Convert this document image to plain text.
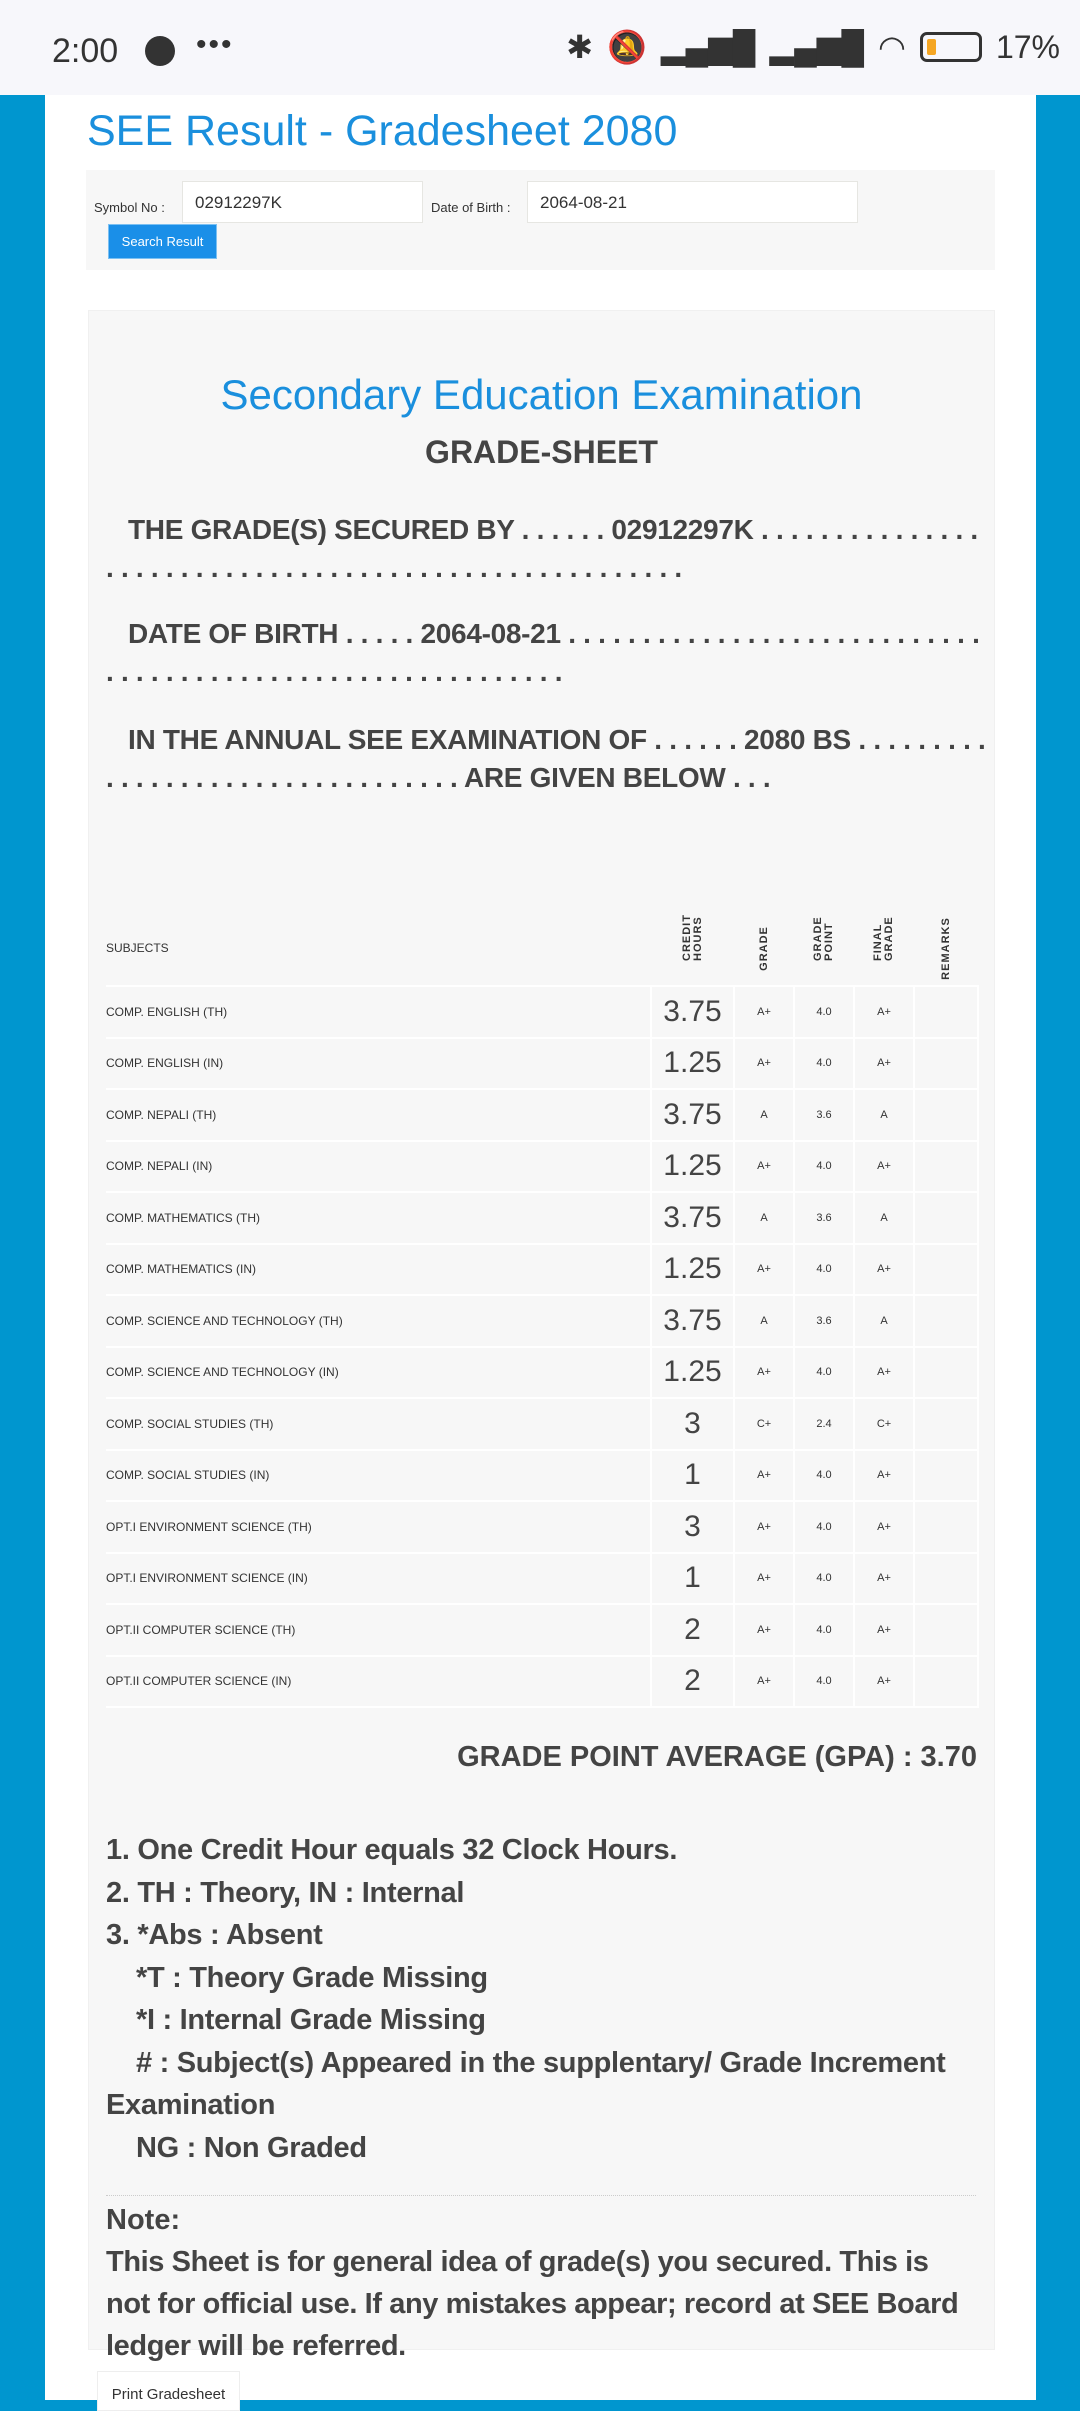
2:00	•••	✱ 🔕 ▂▄▆█ ▂▄▆█ ◠	17%
SEE Result - Gradesheet 2080
Symbol No :	02912297K	Date of Birth :	2064-08-21
Search Result
Secondary Education Examination
GRADE-SHEET
THE GRADE(S) SECURED BY . . . . . . 02912297K . . . . . . . . . . . . . . . . . . . . . . . . . . . . . . . . . . . . . . . . . . . . . . . . . . . . . .
DATE OF BIRTH . . . . . 2064-08-21 . . . . . . . . . . . . . . . . . . . . . . . . . . . . . . . . . . . . . . . . . . . . . . . . . . . . . . . . . . .
IN THE ANNUAL SEE EXAMINATION OF . . . . . . 2080 BS . . . . . . . . . . . . . . . . . . . . . . . . . . . . . . . . . ARE GIVEN BELOW . . .
SUBJECTS	CREDIT HOURS	GRADE	GRADE POINT	FINAL GRADE	REMARKS
COMP. ENGLISH (TH)	3.75	A+	4.0	A+	
COMP. ENGLISH (IN)	1.25	A+	4.0	A+	
COMP. NEPALI (TH)	3.75	A	3.6	A	
COMP. NEPALI (IN)	1.25	A+	4.0	A+	
COMP. MATHEMATICS (TH)	3.75	A	3.6	A	
COMP. MATHEMATICS (IN)	1.25	A+	4.0	A+	
COMP. SCIENCE AND TECHNOLOGY (TH)	3.75	A	3.6	A	
COMP. SCIENCE AND TECHNOLOGY (IN)	1.25	A+	4.0	A+	
COMP. SOCIAL STUDIES (TH)	3	C+	2.4	C+	
COMP. SOCIAL STUDIES (IN)	1	A+	4.0	A+	
OPT.I ENVIRONMENT SCIENCE (TH)	3	A+	4.0	A+	
OPT.I ENVIRONMENT SCIENCE (IN)	1	A+	4.0	A+	
OPT.II COMPUTER SCIENCE (TH)	2	A+	4.0	A+	
OPT.II COMPUTER SCIENCE (IN)	2	A+	4.0	A+	
GRADE POINT AVERAGE (GPA) : 3.70
1. One Credit Hour equals 32 Clock Hours.
2. TH : Theory, IN : Internal
3. *Abs : Absent
*T : Theory Grade Missing
*I : Internal Grade Missing
# : Subject(s) Appeared in the supplentary/ Grade Increment Examination
NG : Non Graded
Note:
This Sheet is for general idea of grade(s) you secured. This is not for official use. If any mistakes appear; record at SEE Board ledger will be referred.
Print Gradesheet
